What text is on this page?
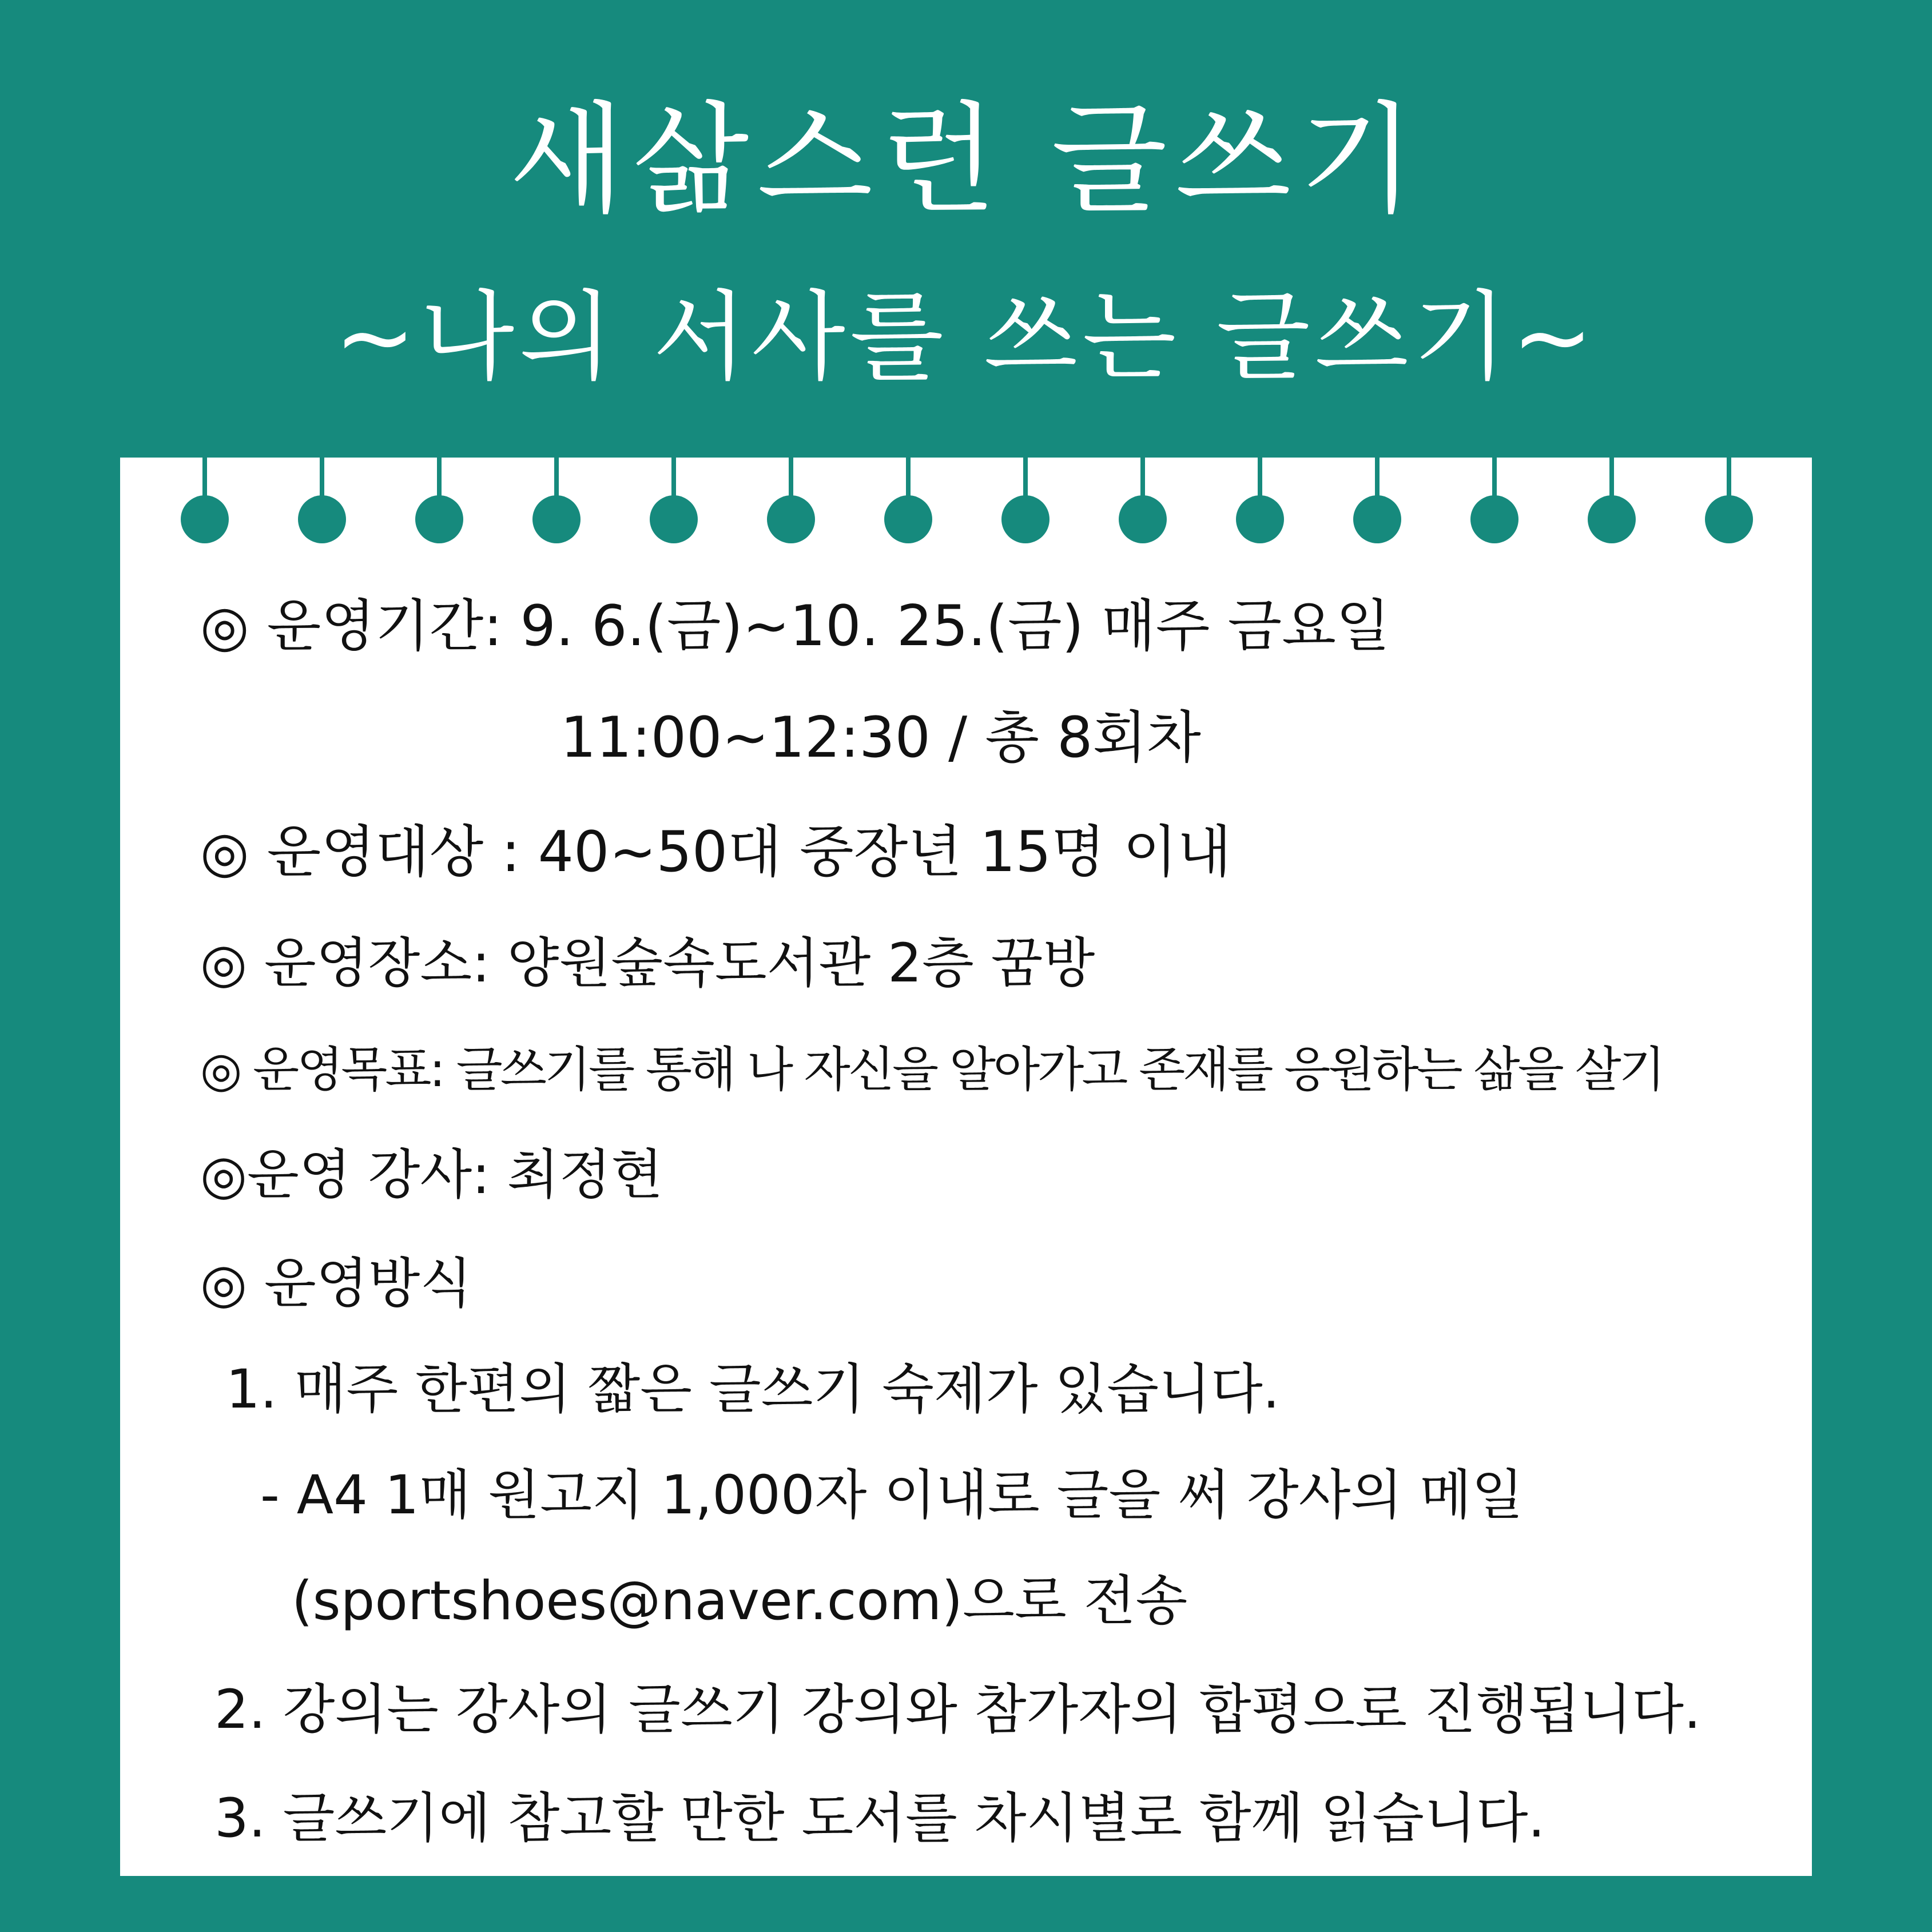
새삶스런 글쓰기
~나의 서사를 쓰는 글쓰기~
◎ 운영기간: 9. 6.(금)~10. 25.(금) 매주 금요일
11:00~12:30 / 총 8회차
◎ 운영대상 : 40~50대 중장년 15명 이내
◎ 운영장소: 양원숲속도서관 2층 꿈방
◎ 운영목표: 글쓰기를 통해 나 자신을 알아가고 존재를 응원하는 삶을 살기
◎운영 강사: 최정현
◎ 운영방식
1. 매주 한편의 짧은 글쓰기 숙제가 있습니다.
- A4 1매 원고지 1,000자 이내로 글을 써 강사의 메일
(sportshoes@naver.com)으로 전송
2. 강의는 강사의 글쓰기 강의와 참가자의 합평으로 진행됩니다.
3. 글쓰기에 참고할 만한 도서를 차시별로 함께 읽습니다.
